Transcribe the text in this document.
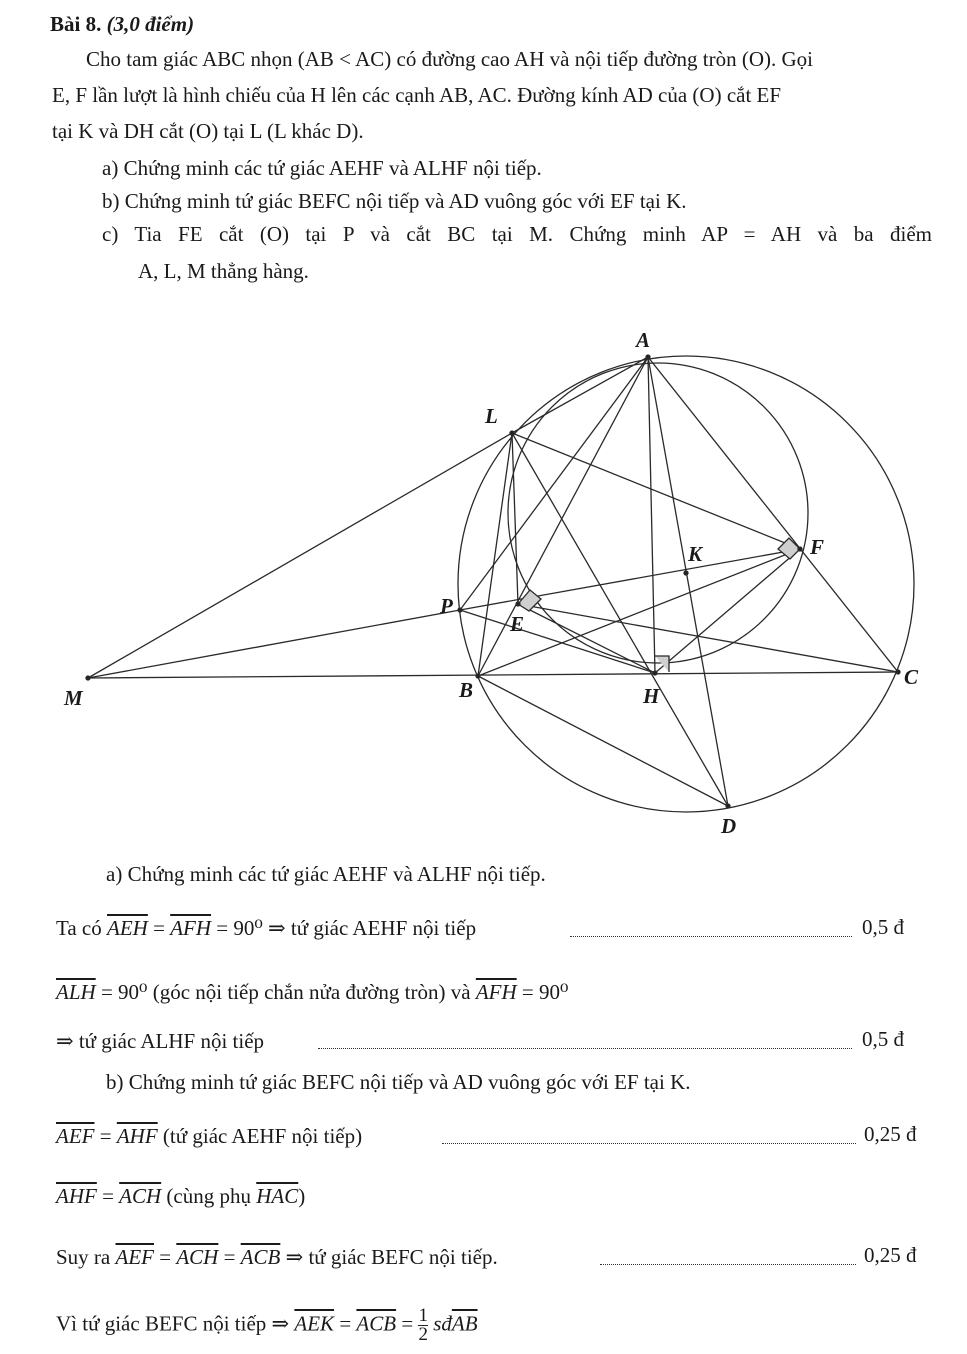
Bài 8. (3,0 điểm)

Cho tam giác ABC nhọn (AB < AC) có đường cao AH và nội tiếp đường tròn (O). Gọi

E, F lần lượt là hình chiếu của H lên các cạnh AB, AC. Đường kính AD của (O) cắt EF

tại K và DH cắt (O) tại L (L khác D).

a) Chứng minh các tứ giác AEHF và ALHF nội tiếp.
b) Chứng minh tứ giác BEFC nội tiếp và AD vuông góc với EF tại K.
c) Tia FE cắt (O) tại P và cắt BC tại M. Chứng minh AP = AH và ba điểm
A, L, M thẳng hàng.
A
L
K	F
P
E
M	B	H
C
D
a) Chứng minh các tứ giác AEHF và ALHF nội tiếp.
Ta có $\overline{AEH} = \overline{AFH} = 90^0$ ⇒ tứ giác AEHF nội tiếp	0,5 đ
$\overline{ALH} = 90^0$ (góc nội tiếp chắn nửa đường tròn) và $\overline{AFH} = 90^0$
⇒ tứ giác ALHF nội tiếp	0,5 đ
b) Chứng minh tứ giác BEFC nội tiếp và AD vuông góc với EF tại K.
$\overline{AEF} = \overline{AHF}$ (tứ giác AEHF nội tiếp)	0,25 đ
$\overline{AHF} = \overline{ACH}$ (cùng phụ $\overline{HAC}$)
Suy ra $\overline{AEF} = \overline{ACH} = \overline{ACB}$ ⇒ tứ giác BEFC nội tiếp.	0,25 đ
Vì tứ giác BEFC nội tiếp ⇒ $\overline{AEK} = \overline{ACB} = \frac{1}{2}$ $sđ\overline{AB}$
